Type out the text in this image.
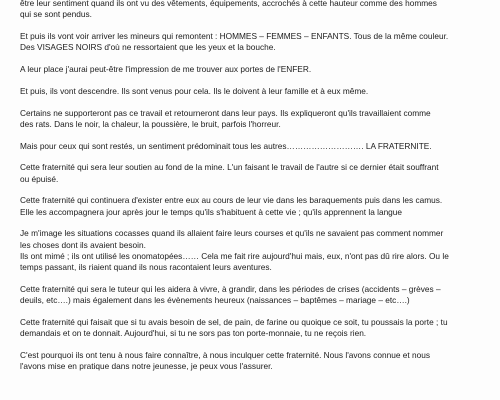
être leur sentiment quand ils ont vu des vêtements, équipements, accrochés à cette hauteur comme des hommes
qui se sont pendus.

Et puis ils vont voir arriver les mineurs qui remontent : HOMMES – FEMMES – ENFANTS. Tous de la même couleur.
Des VISAGES NOIRS d'où ne ressortaient que les yeux et la bouche.

A leur place j'aurai peut-être l'impression de me trouver aux portes de l'ENFER.

Et puis, ils vont descendre. Ils sont venus pour cela. Ils le doivent à leur famille et à eux même.

Certains ne supporteront pas ce travail et retourneront dans leur pays. Ils expliqueront qu'ils travaillaient comme
des rats. Dans le noir, la chaleur, la poussière, le bruit, parfois l'horreur.

Mais pour ceux qui sont restés, un sentiment prédominait tous les autres………………………. LA FRATERNITE.

Cette fraternité qui sera leur soutien au fond de la mine. L'un faisant le travail de l'autre si ce dernier était souffrant
ou épuisé.

Cette fraternité qui continuera d'exister entre eux au cours de leur vie dans les baraquements puis dans les camus.
Elle les accompagnera jour après jour le temps qu'ils s'habituent à cette vie ; qu'ils apprennent la langue

Je m'image les situations cocasses quand ils allaient faire leurs courses et qu'ils ne savaient pas comment nommer
les choses dont ils avaient besoin.
Ils ont mimé ; ils ont utilisé les onomatopées…… Cela me fait rire aujourd'hui mais, eux, n'ont pas dû rire alors. Ou le
temps passant, ils riaient quand ils nous racontaient leurs aventures.

Cette fraternité qui sera le tuteur qui les aidera à vivre, à grandir, dans les périodes de crises (accidents – grèves –
deuils, etc….) mais également dans les évènements heureux (naissances – baptêmes – mariage – etc….)

Cette fraternité qui faisait que si tu avais besoin de sel, de pain, de farine ou quoique ce soit, tu poussais la porte ; tu
demandais et on te donnait. Aujourd'hui, si tu ne sors pas ton porte-monnaie, tu ne reçois rien.

C'est pourquoi ils ont tenu à nous faire connaître, à nous inculquer cette fraternité. Nous l'avons connue et nous
l'avons mise en pratique dans notre jeunesse, je peux vous l'assurer.
